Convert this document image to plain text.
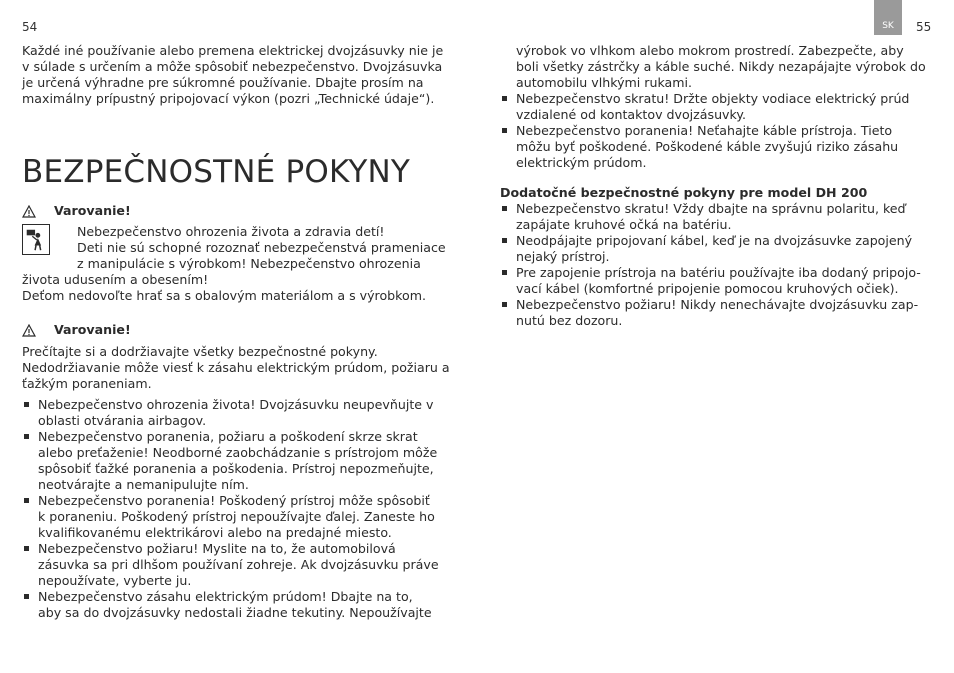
54	SK	55

Každé iné používanie alebo premena elektrickej dvojzásuvky nie je
v súlade s určením a môže spôsobiť nebezpečenstvo. Dvojzásuvka
je určená výhradne pre súkromné používanie. Dbajte prosím na
maximálny prípustný pripojovací výkon (pozri „Technické údaje“).

BEZPEČNOSTNÉ POKYNY
Varovanie!

Nebezpečenstvo ohrozenia života a zdravia detí!
Deti nie sú schopné rozoznať nebezpečenstvá prameniace
z manipulácie s výrobkom! Nebezpečenstvo ohrozenia

života udusením a obesením!
Deťom nedovoľte hrať sa s obalovým materiálom a s výrobkom.

Varovanie!

Prečítajte si a dodržiavajte všetky bezpečnostné pokyny.
Nedodržiavanie môže viesť k zásahu elektrickým prúdom, požiaru a
ťažkým poraneniam.

Nebezpečenstvo ohrozenia života! Dvojzásuvku neupevňujte v
oblasti otvárania airbagov.
Nebezpečenstvo poranenia, požiaru a poškodení skrze skrat
alebo preťaženie! Neodborné zaobchádzanie s prístrojom môže
spôsobiť ťažké poranenia a poškodenia. Prístroj nepozmeňujte,
neotvárajte a nemanipulujte ním.
Nebezpečenstvo poranenia! Poškodený prístroj môže spôsobiť
k poraneniu. Poškodený prístroj nepoužívajte ďalej. Zaneste ho
kvalifikovanému elektrikárovi alebo na predajné miesto.
Nebezpečenstvo požiaru! Myslite na to, že automobilová
zásuvka sa pri dlhšom používaní zohreje. Ak dvojzásuvku práve
nepoužívate, vyberte ju.
Nebezpečenstvo zásahu elektrickým prúdom! Dbajte na to,
aby sa do dvojzásuvky nedostali žiadne tekutiny. Nepoužívajte

výrobok vo vlhkom alebo mokrom prostredí. Zabezpečte, aby
boli všetky zástrčky a káble suché. Nikdy nezapájajte výrobok do
automobilu vlhkými rukami.

Nebezpečenstvo skratu! Držte objekty vodiace elektrický prúd
vzdialené od kontaktov dvojzásuvky.
Nebezpečenstvo poranenia! Neťahajte káble prístroja. Tieto
môžu byť poškodené. Poškodené káble zvyšujú riziko zásahu
elektrickým prúdom.

Dodatočné bezpečnostné pokyny pre model DH 200

Nebezpečenstvo skratu! Vždy dbajte na správnu polaritu, keď
zapájate kruhové očká na batériu.
Neodpájajte pripojovaní kábel, keď je na dvojzásuvke zapojený
nejaký prístroj.
Pre zapojenie prístroja na batériu používajte iba dodaný pripojo-
vací kábel (komfortné pripojenie pomocou kruhových očiek).
Nebezpečenstvo požiaru! Nikdy nenechávajte dvojzásuvku zap-
nutú bez dozoru.
